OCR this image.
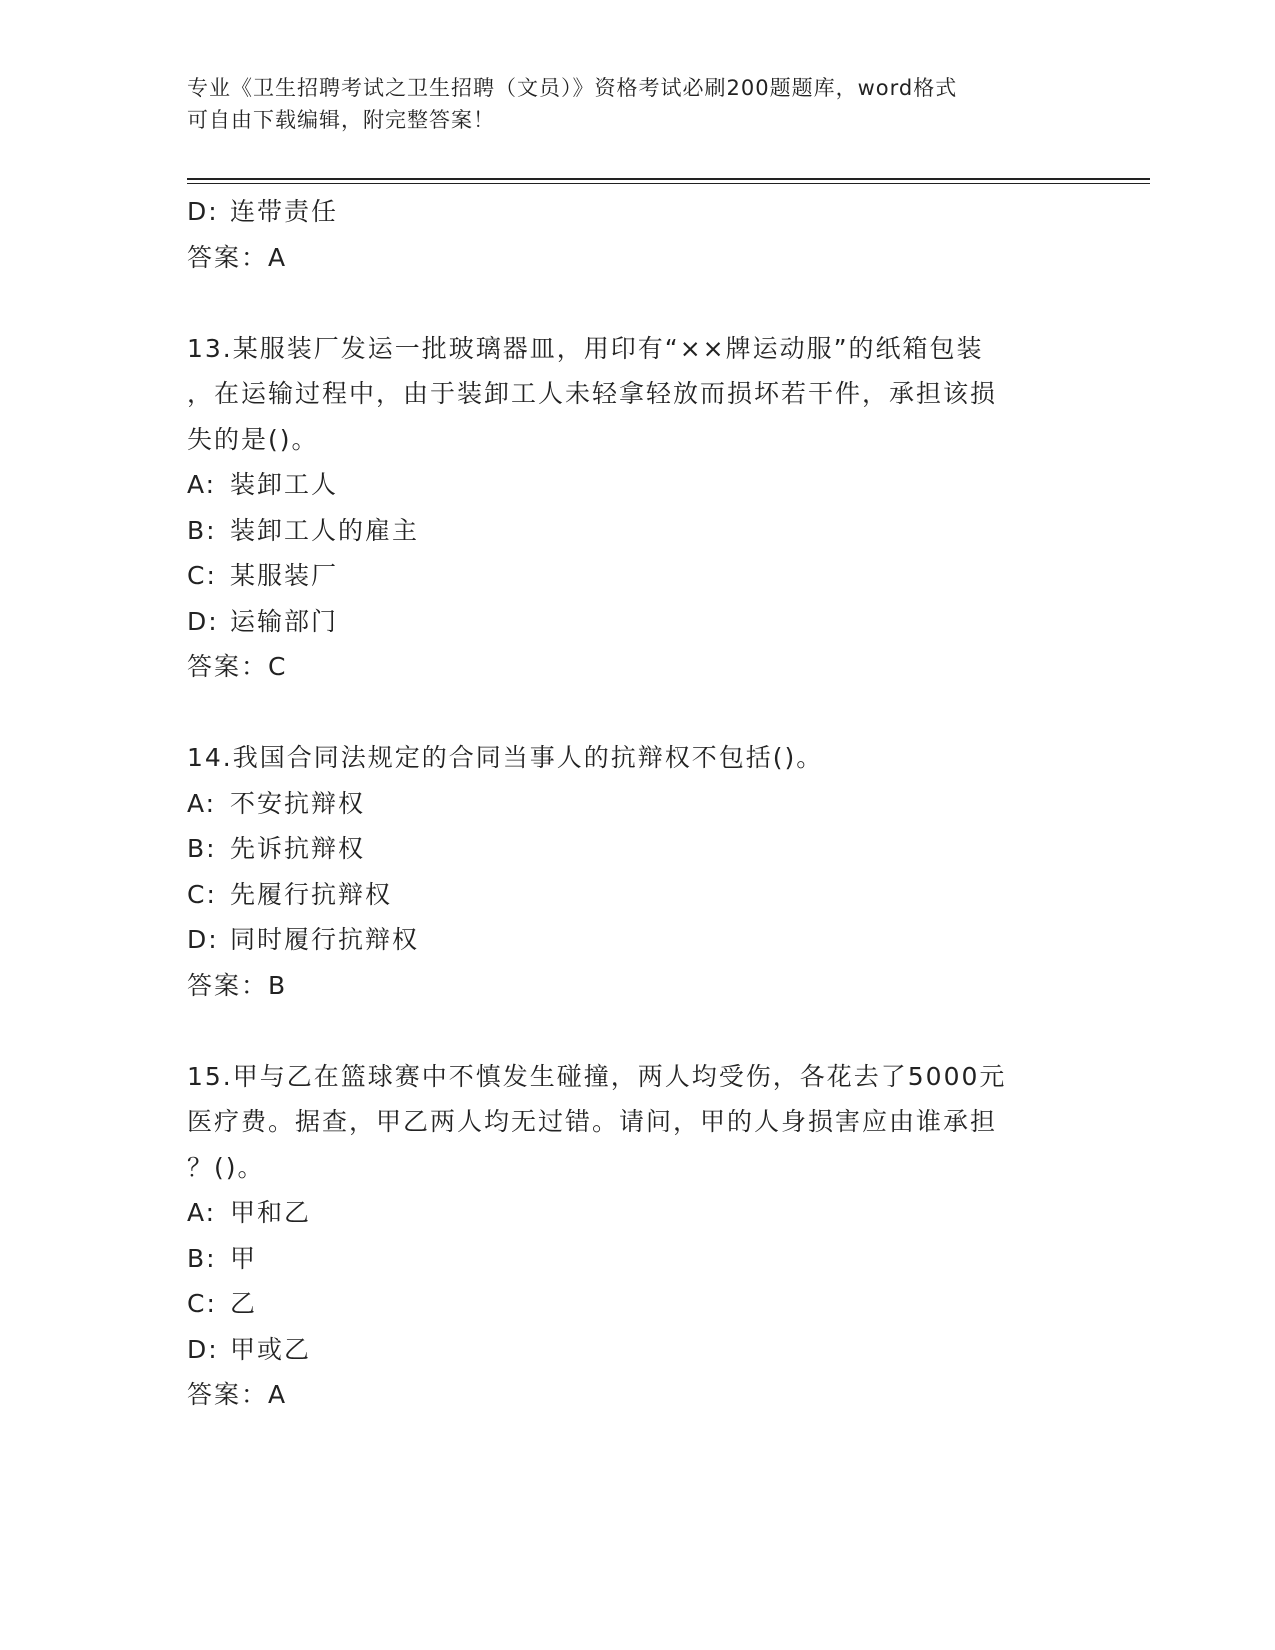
专业《卫生招聘考试之卫生招聘（文员）》资格考试必刷200题题库，word格式
可自由下载编辑，附完整答案！
D: 连带责任
答案：A
13.某服装厂发运一批玻璃器皿，用印有“××牌运动服”的纸箱包装
，在运输过程中，由于装卸工人未轻拿轻放而损坏若干件，承担该损
失的是()。
A: 装卸工人
B: 装卸工人的雇主
C: 某服装厂
D: 运输部门
答案：C
14.我国合同法规定的合同当事人的抗辩权不包括()。
A: 不安抗辩权
B: 先诉抗辩权
C: 先履行抗辩权
D: 同时履行抗辩权
答案：B
15.甲与乙在篮球赛中不慎发生碰撞，两人均受伤，各花去了5000元
医疗费。据查，甲乙两人均无过错。请问，甲的人身损害应由谁承担
？()。
A: 甲和乙
B: 甲
C: 乙
D: 甲或乙
答案：A
